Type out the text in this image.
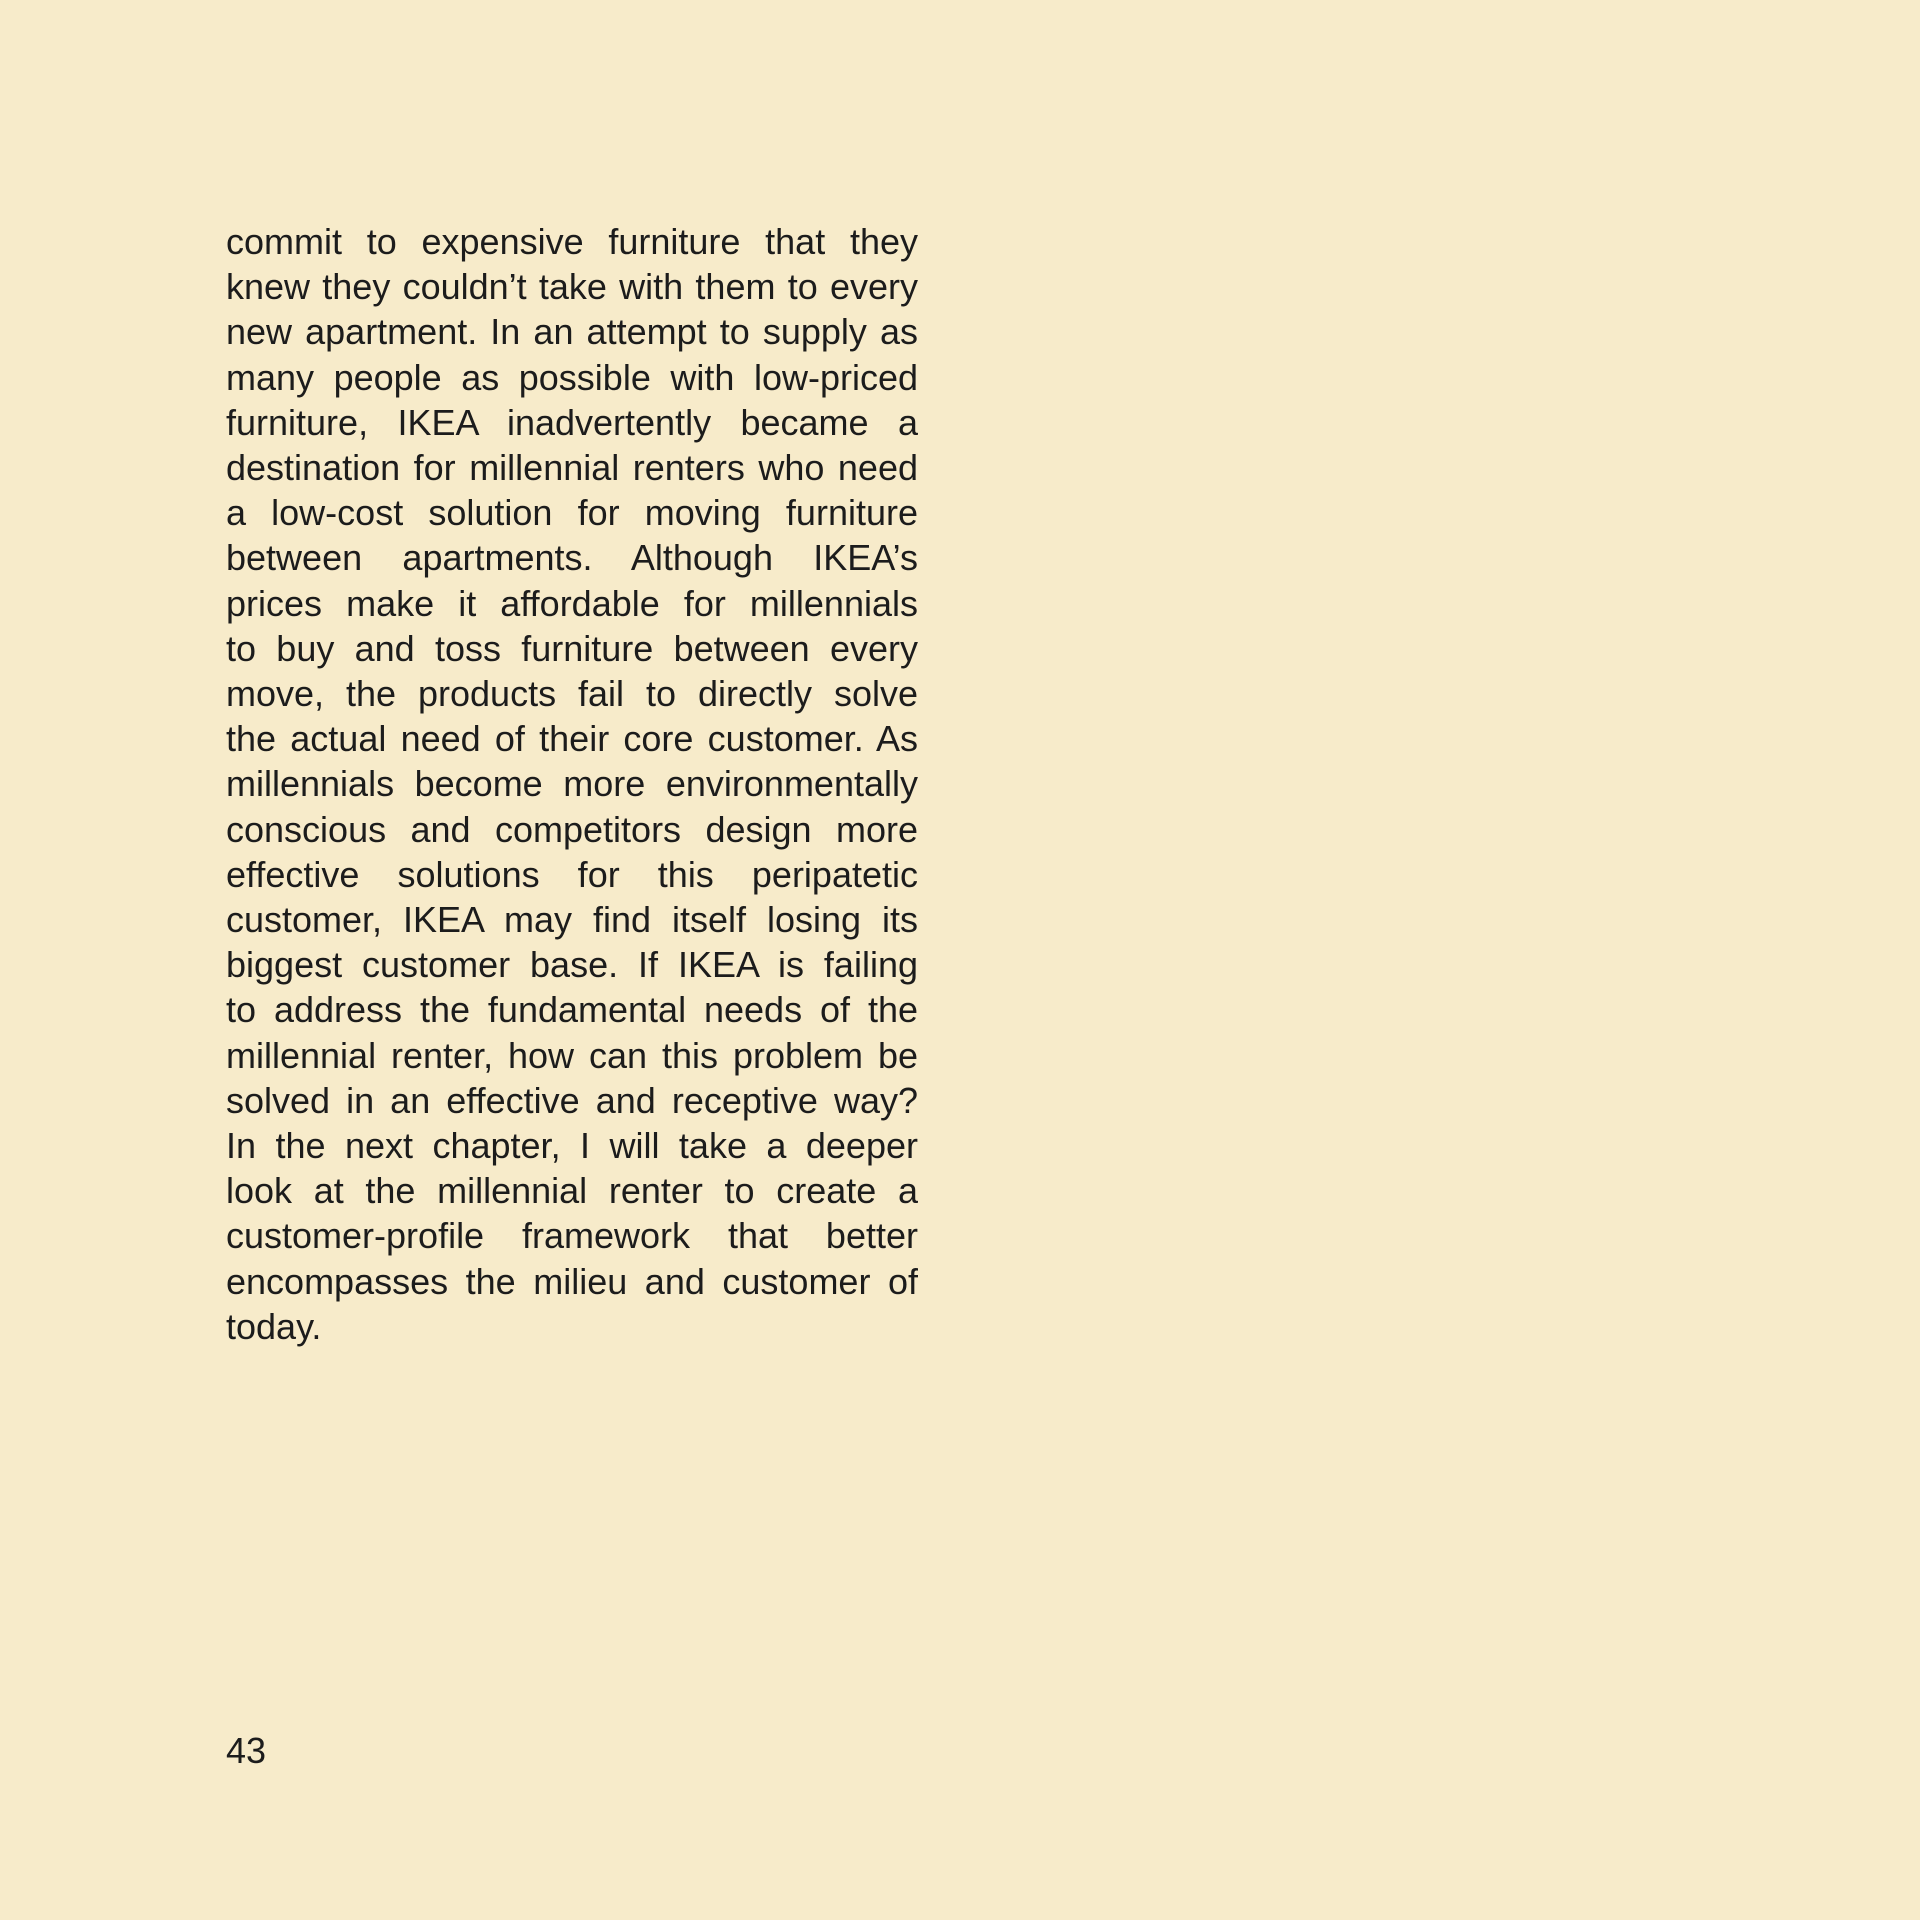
commit to expensive furniture that they
knew they couldn’t take with them to every
new apartment. In an attempt to supply as
many people as possible with low-priced
furniture, IKEA inadvertently became a
destination for millennial renters who need
a low-cost solution for moving furniture
between apartments. Although IKEA’s
prices make it affordable for millennials
to buy and toss furniture between every
move, the products fail to directly solve
the actual need of their core customer. As
millennials become more environmentally
conscious and competitors design more
effective solutions for this peripatetic
customer, IKEA may find itself losing its
biggest customer base. If IKEA is failing
to address the fundamental needs of the
millennial renter, how can this problem be
solved in an effective and receptive way?
In the next chapter, I will take a deeper
look at the millennial renter to create a
customer-profile framework that better
encompasses the milieu and customer of
today.

43
